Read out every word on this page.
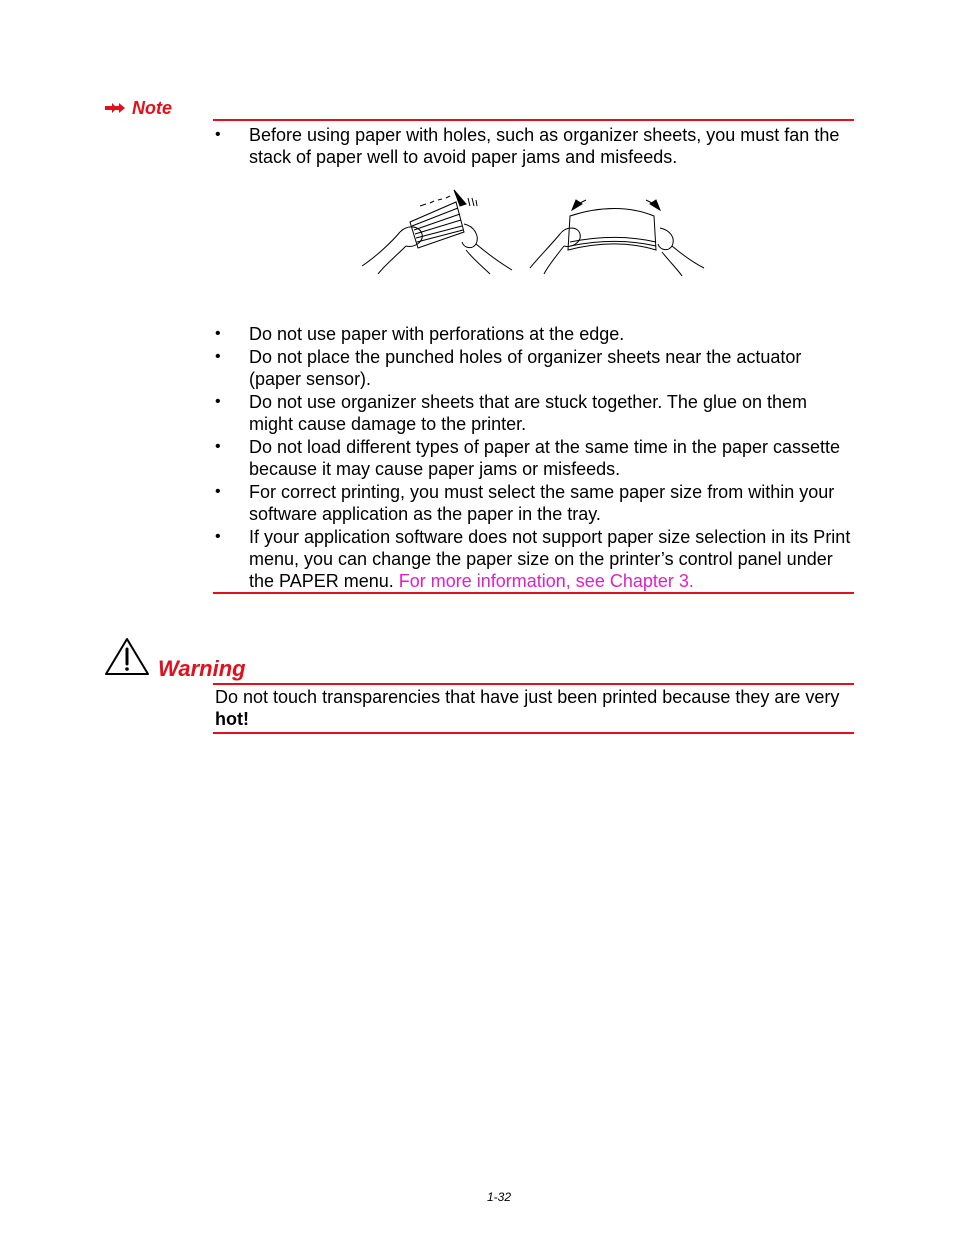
Note
• Before using paper with holes, such as organizer sheets, you must fan the stack of paper well to avoid paper jams and misfeeds.
• Do not use paper with perforations at the edge.
• Do not place the punched holes of organizer sheets near the actuator (paper sensor).
• Do not use organizer sheets that are stuck together. The glue on them might cause damage to the printer.
• Do not load different types of paper at the same time in the paper cassette because it may cause paper jams or misfeeds.
• For correct printing, you must select the same paper size from within your software application as the paper in the tray.
• If your application software does not support paper size selection in its Print menu, you can change the paper size on the printer’s control panel under the PAPER menu. For more information, see Chapter 3.
Warning
Do not touch transparencies that have just been printed because they are very hot!
1-32
